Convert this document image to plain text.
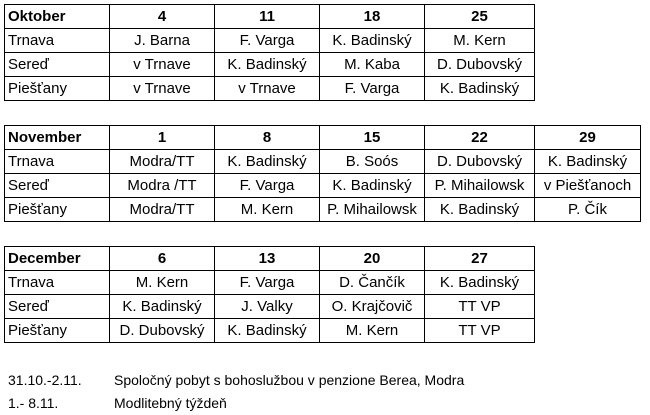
Oktober	4	11	18	25
Trnava	J. Barna	F. Varga	K. Badinský	M. Kern
Sereď	v Trnave	K. Badinský	M. Kaba	D. Dubovský
Piešťany	v Trnave	v Trnave	F. Varga	K. Badinský
November	1	8	15	22	29
Trnava	Modra/TT	K. Badinský	B. Soós	D. Dubovský	K. Badinský
Sereď	Modra /TT	F. Varga	K. Badinský	P. Mihailowsk	v Piešťanoch
Piešťany	Modra/TT	M. Kern	P. Mihailowsk	K. Badinský	P. Čík
December	6	13	20	27
Trnava	M. Kern	F. Varga	D. Čančík	K. Badinský
Sereď	K. Badinský	J. Valky	O. Krajčovič	TT VP
Piešťany	D. Dubovský	K. Badinský	M. Kern	TT VP
31.10.-2.11.	Spoločný pobyt s bohoslužbou v penzione Berea, Modra
1.- 8.11.	Modlitebný týždeň
